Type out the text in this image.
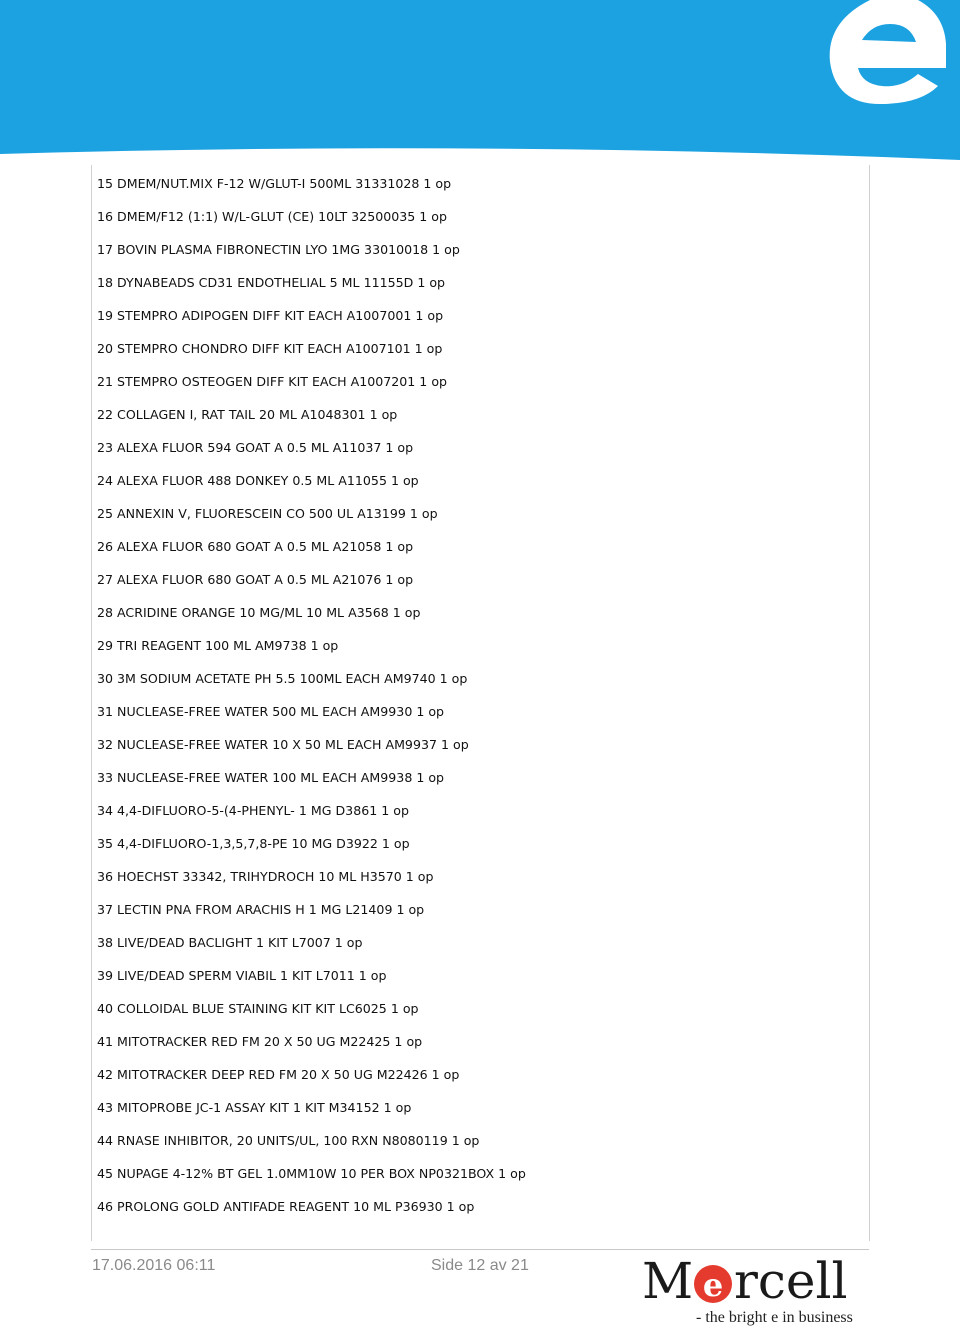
15 DMEM/NUT.MIX F-12 W/GLUT-I 500ML 31331028 1 op
16 DMEM/F12 (1:1) W/L-GLUT (CE) 10LT 32500035 1 op
17 BOVIN PLASMA FIBRONECTIN LYO 1MG 33010018 1 op
18 DYNABEADS CD31 ENDOTHELIAL 5 ML 11155D 1 op
19 STEMPRO ADIPOGEN DIFF KIT EACH A1007001 1 op
20 STEMPRO CHONDRO DIFF KIT EACH A1007101 1 op
21 STEMPRO OSTEOGEN DIFF KIT EACH A1007201 1 op
22 COLLAGEN I, RAT TAIL 20 ML A1048301 1 op
23 ALEXA FLUOR 594 GOAT A 0.5 ML A11037 1 op
24 ALEXA FLUOR 488 DONKEY 0.5 ML A11055 1 op
25 ANNEXIN V, FLUORESCEIN CO 500 UL A13199 1 op
26 ALEXA FLUOR 680 GOAT A 0.5 ML A21058 1 op
27 ALEXA FLUOR 680 GOAT A 0.5 ML A21076 1 op
28 ACRIDINE ORANGE 10 MG/ML 10 ML A3568 1 op
29 TRI REAGENT 100 ML AM9738 1 op
30 3M SODIUM ACETATE PH 5.5 100ML EACH AM9740 1 op
31 NUCLEASE-FREE WATER 500 ML EACH AM9930 1 op
32 NUCLEASE-FREE WATER 10 X 50 ML EACH AM9937 1 op
33 NUCLEASE-FREE WATER 100 ML EACH AM9938 1 op
34 4,4-DIFLUORO-5-(4-PHENYL- 1 MG D3861 1 op
35 4,4-DIFLUORO-1,3,5,7,8-PE 10 MG D3922 1 op
36 HOECHST 33342, TRIHYDROCH 10 ML H3570 1 op
37 LECTIN PNA FROM ARACHIS H 1 MG L21409 1 op
38 LIVE/DEAD BACLIGHT 1 KIT L7007 1 op
39 LIVE/DEAD SPERM VIABIL 1 KIT L7011 1 op
40 COLLOIDAL BLUE STAINING KIT KIT LC6025 1 op
41 MITOTRACKER RED FM 20 X 50 UG M22425 1 op
42 MITOTRACKER DEEP RED FM 20 X 50 UG M22426 1 op
43 MITOPROBE JC-1 ASSAY KIT 1 KIT M34152 1 op
44 RNASE INHIBITOR, 20 UNITS/UL, 100 RXN N8080119 1 op
45 NUPAGE 4-12% BT GEL 1.0MM10W 10 PER BOX NP0321BOX 1 op
46 PROLONG GOLD ANTIFADE REAGENT 10 ML P36930 1 op
17.06.2016 06:11	Side 12 av 21 M e rcell
- the bright e in business
